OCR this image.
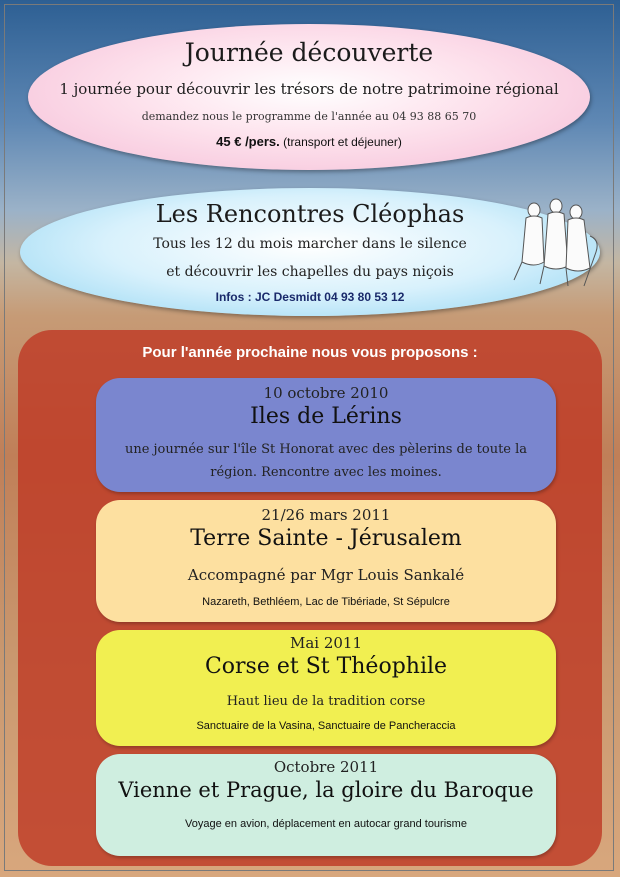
Journée découverte
1 journée pour découvrir les trésors de notre patrimoine régional
demandez nous le programme de l'année au 04 93 88 65 70
45 € /pers. (transport et déjeuner)
Les Rencontres Cléophas
Tous les 12 du mois marcher dans le silence
et découvrir les chapelles du pays niçois
Infos : JC Desmidt 04 93 80 53 12
Pour l'année prochaine nous vous proposons :
10 octobre 2010
Iles de Lérins
une journée sur l'île St Honorat avec des pèlerins de toute la région. Rencontre avec les moines.
21/26 mars 2011
Terre Sainte - Jérusalem
Accompagné par Mgr Louis Sankalé
Nazareth, Bethléem, Lac de Tibériade, St Sépulcre
Mai 2011
Corse et St Théophile
Haut lieu de la tradition corse
Sanctuaire de la Vasina, Sanctuaire de Pancheraccia
Octobre 2011
Vienne et Prague, la gloire du Baroque
Voyage en avion, déplacement en autocar grand tourisme
